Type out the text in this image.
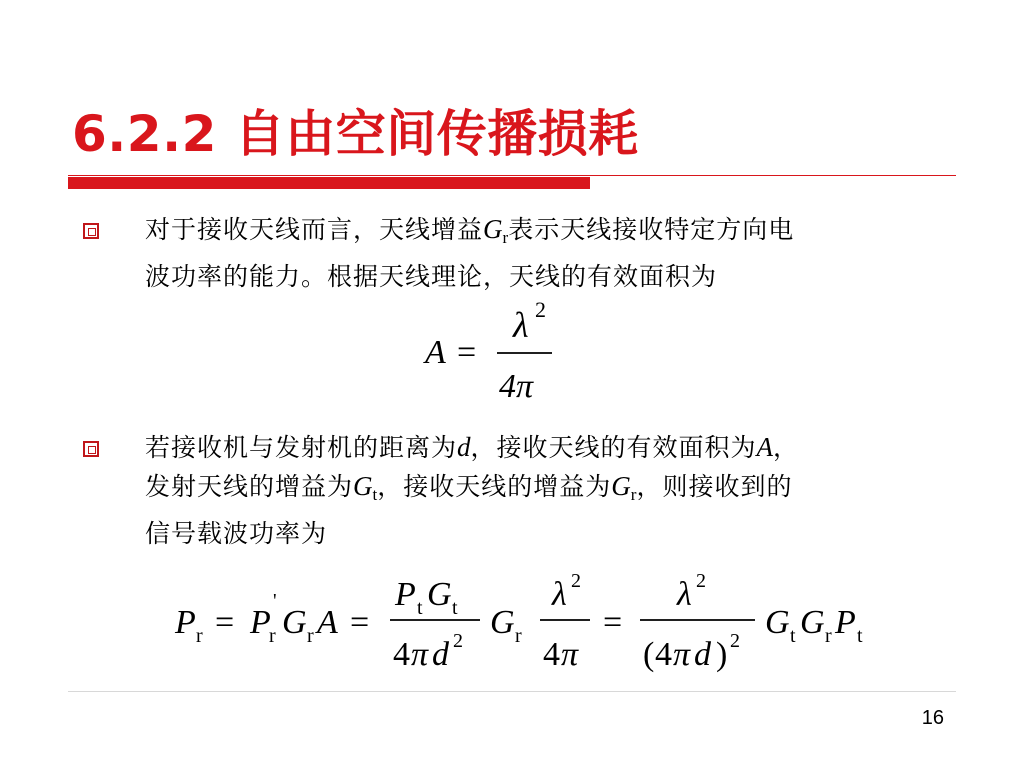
6.2.2 自由空间传播损耗

对于接收天线而言，天线增益$G_r$表示天线接收特定方向电
波功率的能力。根据天线理论，天线的有效面积为

A =
λ 2
4π

若接收机与发射机的距离为d，接收天线的有效面积为A，
发射天线的增益为$G_t$，接收天线的增益为$G_r$，则接收到的
信号载波功率为

P r = P
'
r G r A =
P t G t
4 π d 2 G r
λ 2
4 π
=
λ 2
( 4 π d ) 2 G t G r P t
16
